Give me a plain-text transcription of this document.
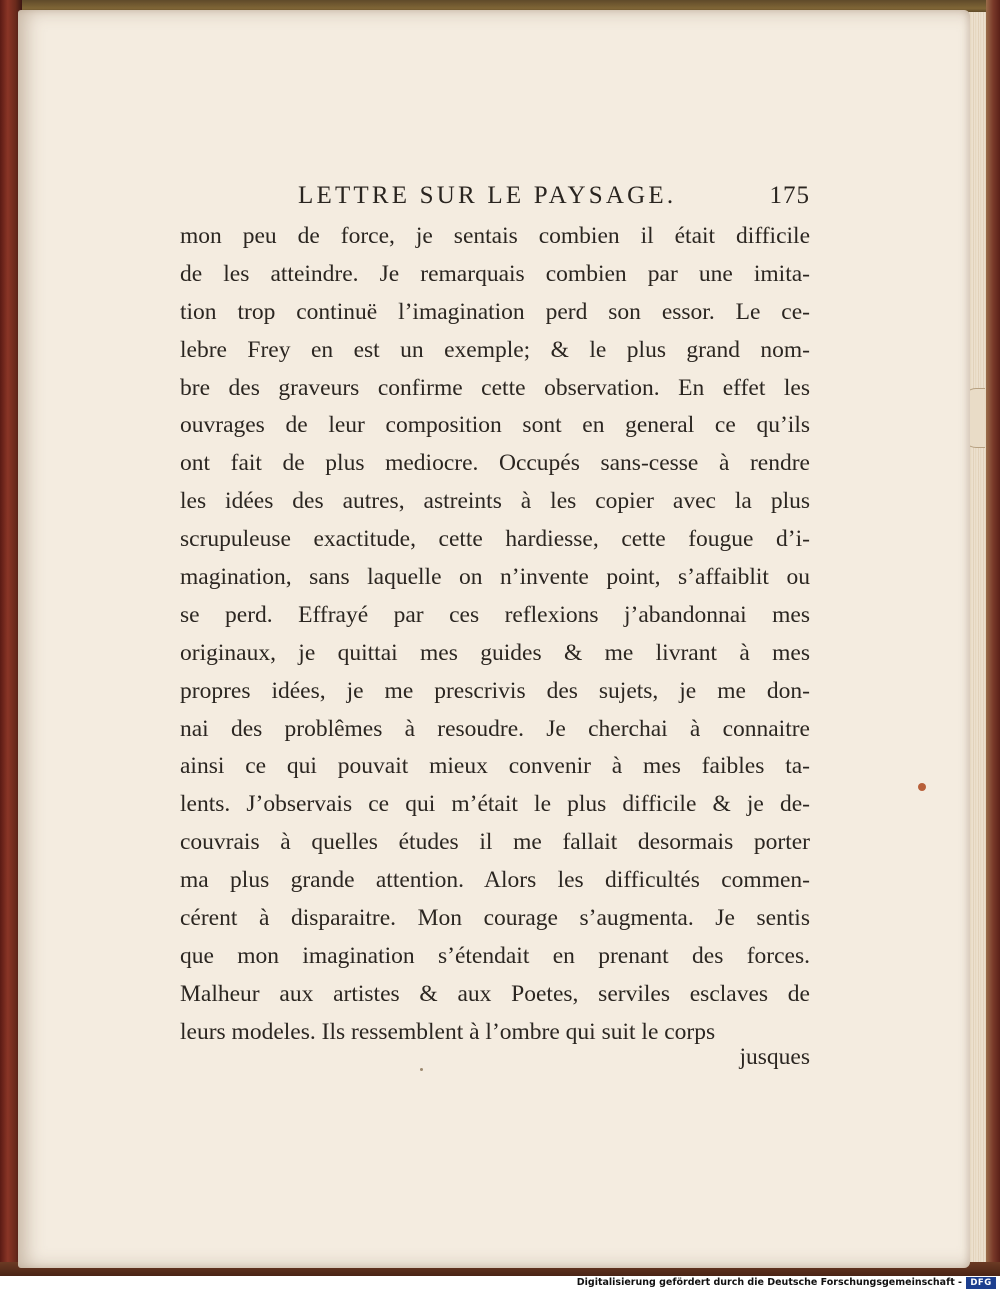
LETTRE SUR LE PAYSAGE.	175
mon peu de force, je sentais combien il était difficile
de les atteindre. Je remarquais combien par une imita-
tion trop continuë l’imagination perd son essor. Le ce-
lebre Frey en est un exemple; & le plus grand nom-
bre des graveurs confirme cette observation. En effet les
ouvrages de leur composition sont en general ce qu’ils
ont fait de plus mediocre. Occupés sans-cesse à rendre
les idées des autres, astreints à les copier avec la plus
scrupuleuse exactitude, cette hardiesse, cette fougue d’i-
magination, sans laquelle on n’invente point, s’affaiblit ou
se perd. Effrayé par ces reflexions j’abandonnai mes
originaux, je quittai mes guides & me livrant à mes
propres idées, je me prescrivis des sujets, je me don-
nai des problêmes à resoudre. Je cherchai à connaitre
ainsi ce qui pouvait mieux convenir à mes faibles ta-
lents. J’observais ce qui m’était le plus difficile & je de-
couvrais à quelles études il me fallait desormais porter
ma plus grande attention. Alors les difficultés commen-
cérent à disparaitre. Mon courage s’augmenta. Je sentis
que mon imagination s’étendait en prenant des forces.
Malheur aux artistes & aux Poetes, serviles esclaves de
leurs modeles. Ils ressemblent à l’ombre qui suit le corps
jusques
Digitalisierung gefördert durch die Deutsche Forschungsgemeinschaft - DFG
